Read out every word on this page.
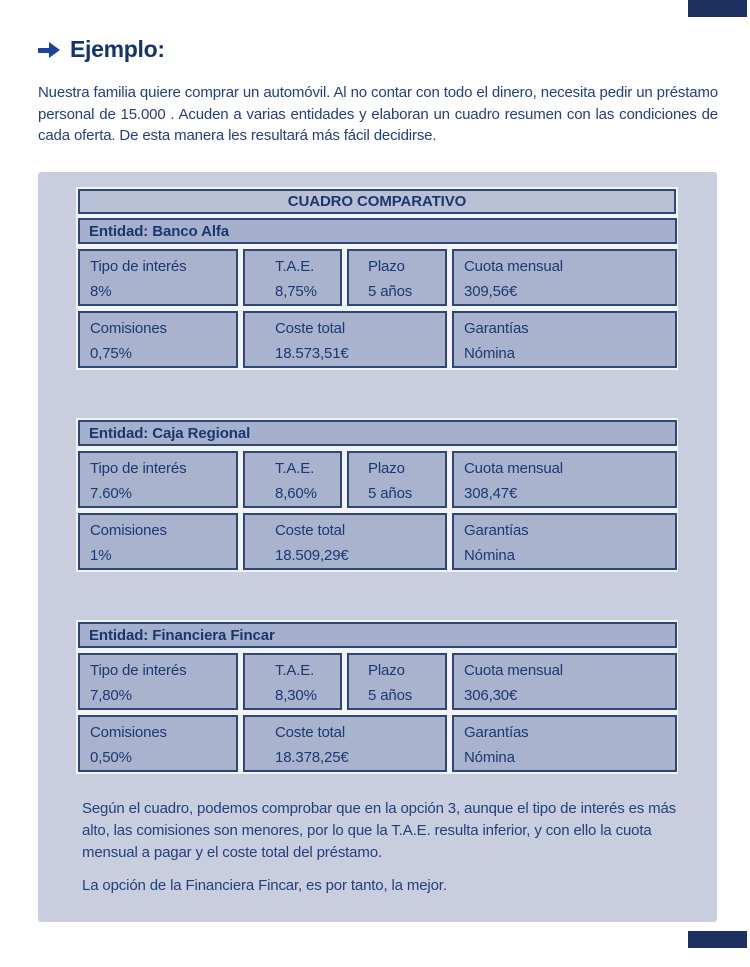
Ejemplo:

Nuestra familia quiere comprar un automóvil. Al no contar con todo el dinero, necesita pedir un préstamo personal de 15.000 . Acuden a varias entidades y elaboran un cuadro resumen con las condiciones de cada oferta. De esta manera les resultará más fácil decidirse.

CUADRO COMPARATIVO
Entidad: Banco Alfa
Tipo de interés
8%
T.A.E.
8,75%
Plazo
5 años
Cuota mensual
309,56€
Comisiones
0,75%
Coste total
18.573,51€
Garantías
Nómina
Entidad: Caja Regional
Tipo de interés
7.60%
T.A.E.
8,60%
Plazo
5 años
Cuota mensual
308,47€
Comisiones
1%
Coste total
18.509,29€
Garantías
Nómina
Entidad: Financiera Fincar
Tipo de interés
7,80%
T.A.E.
8,30%
Plazo
5 años
Cuota mensual
306,30€
Comisiones
0,50%
Coste total
18.378,25€
Garantías
Nómina
Según el cuadro, podemos comprobar que en la opción 3, aunque el tipo de interés es más alto, las comisiones son menores, por lo que la T.A.E. resulta inferior, y con ello la cuota mensual a pagar y el coste total del préstamo.
La opción de la Financiera Fincar, es por tanto, la mejor.
